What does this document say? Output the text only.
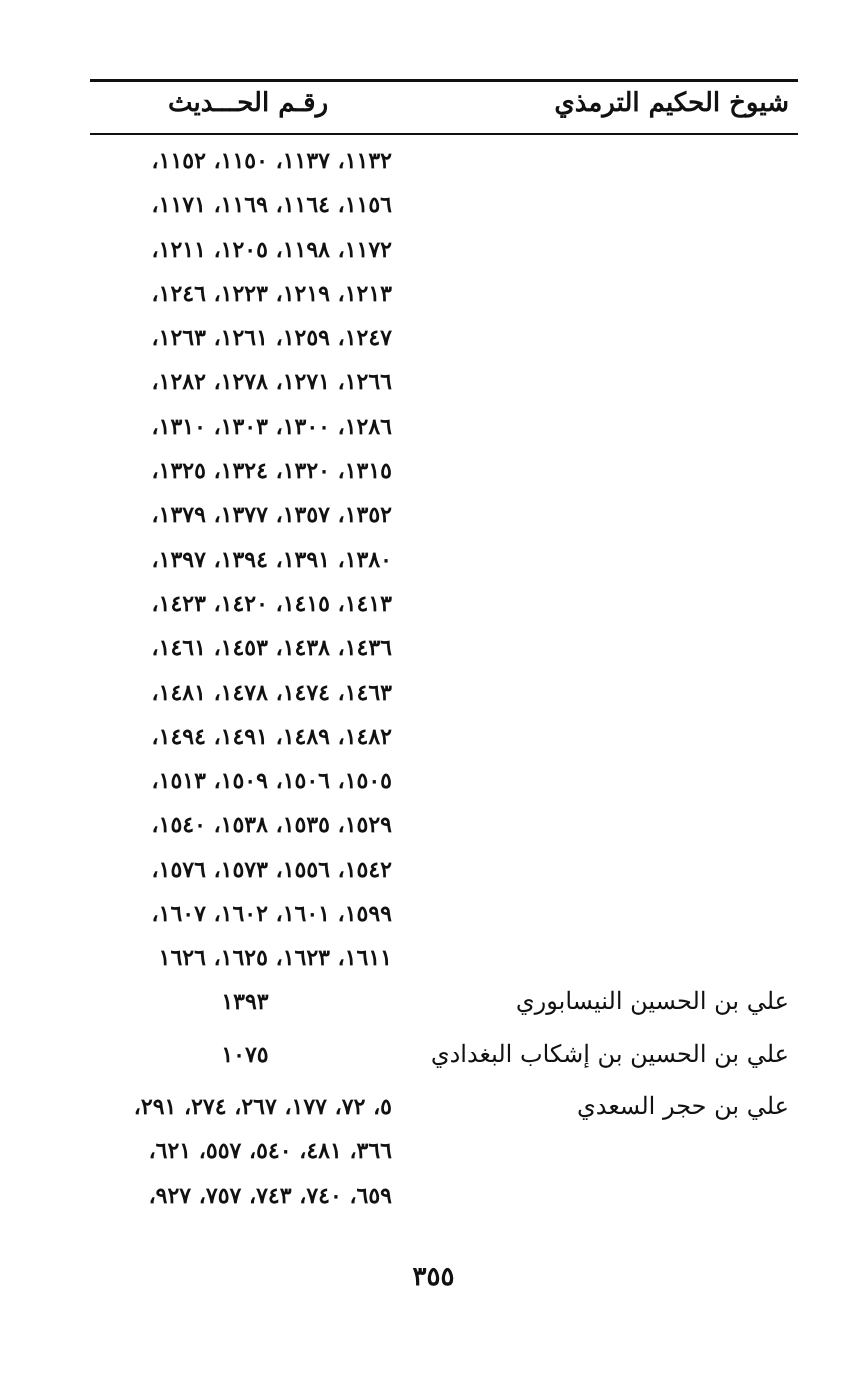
شيوخ الحكيم الترمذي
رقـم الحـــديث
١١٣٢، ١١٣٧، ١١٥٠، ١١٥٢،
١١٥٦، ١١٦٤، ١١٦٩، ١١٧١،
١١٧٢، ١١٩٨، ١٢٠٥، ١٢١١،
١٢١٣، ١٢١٩، ١٢٢٣، ١٢٤٦،
١٢٤٧، ١٢٥٩، ١٢٦١، ١٢٦٣،
١٢٦٦، ١٢٧١، ١٢٧٨، ١٢٨٢،
١٢٨٦، ١٣٠٠، ١٣٠٣، ١٣١٠،
١٣١٥، ١٣٢٠، ١٣٢٤، ١٣٢٥،
١٣٥٢، ١٣٥٧، ١٣٧٧، ١٣٧٩،
١٣٨٠، ١٣٩١، ١٣٩٤، ١٣٩٧،
١٤١٣، ١٤١٥، ١٤٢٠، ١٤٢٣،
١٤٣٦، ١٤٣٨، ١٤٥٣، ١٤٦١،
١٤٦٣، ١٤٧٤، ١٤٧٨، ١٤٨١،
١٤٨٢، ١٤٨٩، ١٤٩١، ١٤٩٤،
١٥٠٥، ١٥٠٦، ١٥٠٩، ١٥١٣،
١٥٢٩، ١٥٣٥، ١٥٣٨، ١٥٤٠،
١٥٤٢، ١٥٥٦، ١٥٧٣، ١٥٧٦،
١٥٩٩، ١٦٠١، ١٦٠٢، ١٦٠٧،
١٦١١، ١٦٢٣، ١٦٢٥، ١٦٢٦
علي بن الحسين النيسابوري
١٣٩٣
علي بن الحسين بن إشكاب البغدادي
١٠٧٥
علي بن حجر السعدي
٥، ٧٢، ١٧٧، ٢٦٧، ٢٧٤، ٢٩١،
٣٦٦، ٤٨١، ٥٤٠، ٥٥٧، ٦٢١،
٦٥٩، ٧٤٠، ٧٤٣، ٧٥٧، ٩٢٧،
٣٥٥
